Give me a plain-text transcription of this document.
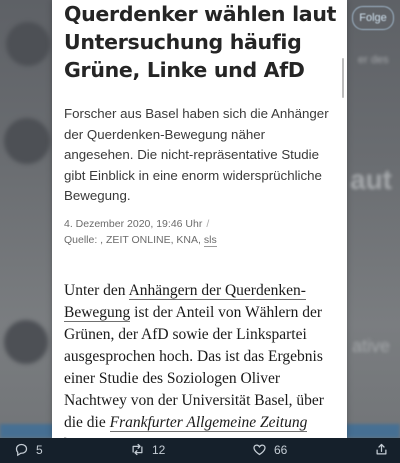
Folge
er des
aut
ative
Querdenker wählen laut Untersuchung häufig Grüne, Linke und AfD
Forscher aus Basel haben sich die Anhänger der Querdenken-Bewegung näher angesehen. Die nicht-repräsentative Studie gibt Einblick in eine enorm widersprüchliche Bewegung.
4. Dezember 2020, 19:46 Uhr /
Quelle: , ZEIT ONLINE, KNA, sls
Unter den Anhängern der Querdenken-Bewegung ist der Anteil von Wählern der Grünen, der AfD sowie der Linkspartei ausgesprochen hoch. Das ist das Ergebnis einer Studie des Soziologen Oliver Nachtwey von der Universität Basel, über die die Frankfurter Allgemeine Zeitung
5	12	66
